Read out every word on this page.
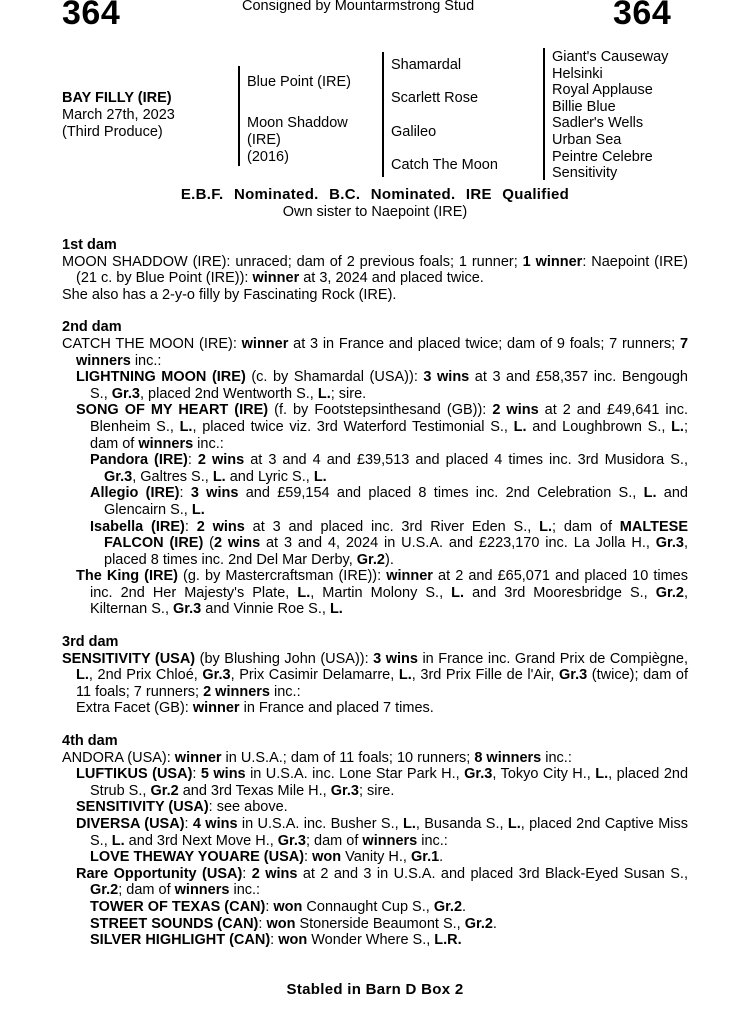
364	Consigned by Mountarmstrong Stud	364
BAY FILLY (IRE)
March 27th, 2023
(Third Produce)
Blue Point (IRE)
Moon Shaddow
(IRE)
(2016)
Shamardal
Scarlett Rose
Galileo
Catch The Moon
Giant's Causeway
Helsinki
Royal Applause
Billie Blue
Sadler's Wells
Urban Sea
Peintre Celebre
Sensitivity
E.B.F. Nominated. B.C. Nominated. IRE Qualified
Own sister to Naepoint (IRE)
1st dam
MOON SHADDOW (IRE): unraced; dam of 2 previous foals; 1 runner; 1 winner: Naepoint (IRE) (21 c. by Blue Point (IRE)): winner at 3, 2024 and placed twice.
She also has a 2-y-o filly by Fascinating Rock (IRE).
2nd dam
CATCH THE MOON (IRE): winner at 3 in France and placed twice; dam of 9 foals; 7 runners; 7 winners inc.:
LIGHTNING MOON (IRE) (c. by Shamardal (USA)): 3 wins at 3 and £58,357 inc. Bengough S., Gr.3, placed 2nd Wentworth S., L.; sire.
SONG OF MY HEART (IRE) (f. by Footstepsinthesand (GB)): 2 wins at 2 and £49,641 inc. Blenheim S., L., placed twice viz. 3rd Waterford Testimonial S., L. and Loughbrown S., L.; dam of winners inc.:
Pandora (IRE): 2 wins at 3 and 4 and £39,513 and placed 4 times inc. 3rd Musidora S., Gr.3, Galtres S., L. and Lyric S., L.
Allegio (IRE): 3 wins and £59,154 and placed 8 times inc. 2nd Celebration S., L. and Glencairn S., L.
Isabella (IRE): 2 wins at 3 and placed inc. 3rd River Eden S., L.; dam of MALTESE FALCON (IRE) (2 wins at 3 and 4, 2024 in U.S.A. and £223,170 inc. La Jolla H., Gr.3, placed 8 times inc. 2nd Del Mar Derby, Gr.2).
The King (IRE) (g. by Mastercraftsman (IRE)): winner at 2 and £65,071 and placed 10 times inc. 2nd Her Majesty's Plate, L., Martin Molony S., L. and 3rd Mooresbridge S., Gr.2, Kilternan S., Gr.3 and Vinnie Roe S., L.
3rd dam
SENSITIVITY (USA) (by Blushing John (USA)): 3 wins in France inc. Grand Prix de Compiègne, L., 2nd Prix Chloé, Gr.3, Prix Casimir Delamarre, L., 3rd Prix Fille de l'Air, Gr.3 (twice); dam of 11 foals; 7 runners; 2 winners inc.:
Extra Facet (GB): winner in France and placed 7 times.
4th dam
ANDORA (USA): winner in U.S.A.; dam of 11 foals; 10 runners; 8 winners inc.:
LUFTIKUS (USA): 5 wins in U.S.A. inc. Lone Star Park H., Gr.3, Tokyo City H., L., placed 2nd Strub S., Gr.2 and 3rd Texas Mile H., Gr.3; sire.
SENSITIVITY (USA): see above.
DIVERSA (USA): 4 wins in U.S.A. inc. Busher S., L., Busanda S., L., placed 2nd Captive Miss S., L. and 3rd Next Move H., Gr.3; dam of winners inc.:
LOVE THEWAY YOUARE (USA): won Vanity H., Gr.1.
Rare Opportunity (USA): 2 wins at 2 and 3 in U.S.A. and placed 3rd Black-Eyed Susan S., Gr.2; dam of winners inc.:
TOWER OF TEXAS (CAN): won Connaught Cup S., Gr.2.
STREET SOUNDS (CAN): won Stonerside Beaumont S., Gr.2.
SILVER HIGHLIGHT (CAN): won Wonder Where S., L.R.
Stabled in Barn D Box 2
